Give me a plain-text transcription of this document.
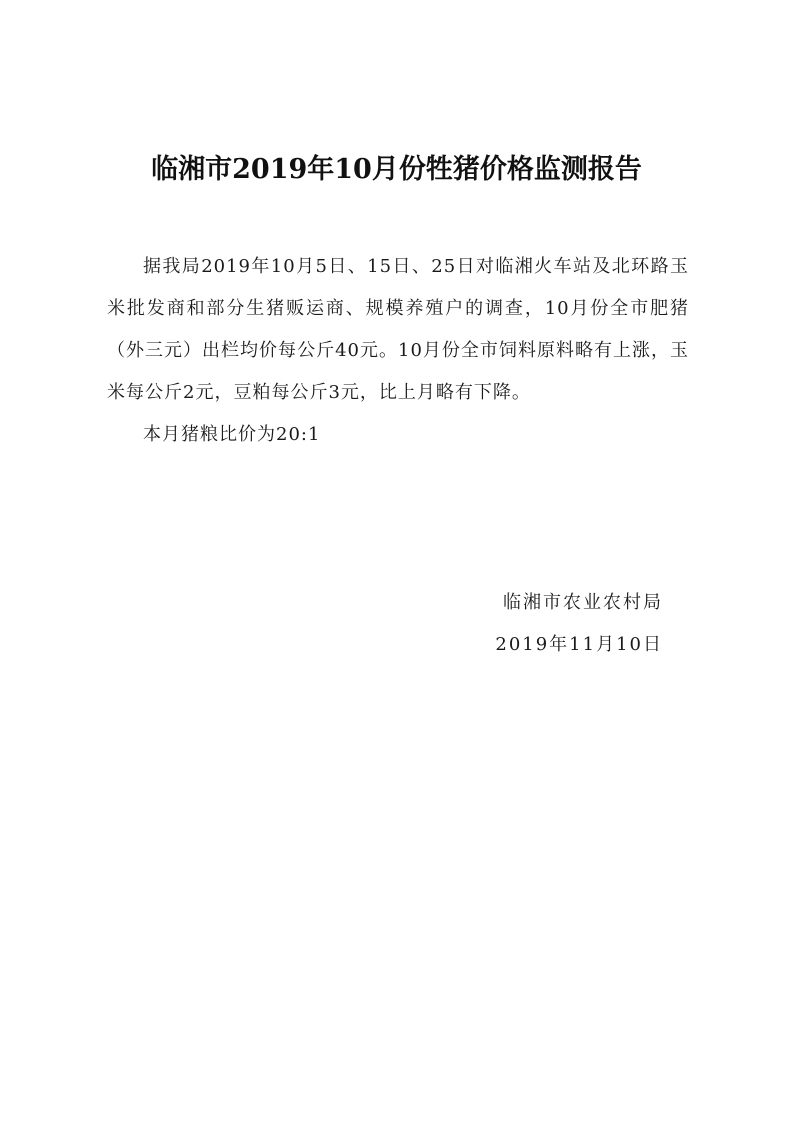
临湘市2019年10月份牲猪价格监测报告

据我局2019年10月5日、15日、25日对临湘火车站及北环路玉米批发商和部分生猪贩运商、规模养殖户的调查，10月份全市肥猪（外三元）出栏均价每公斤40元。10月份全市饲料原料略有上涨，玉米每公斤2元，豆粕每公斤3元，比上月略有下降。

本月猪粮比价为20:1

临湘市农业农村局
2019年11月10日
